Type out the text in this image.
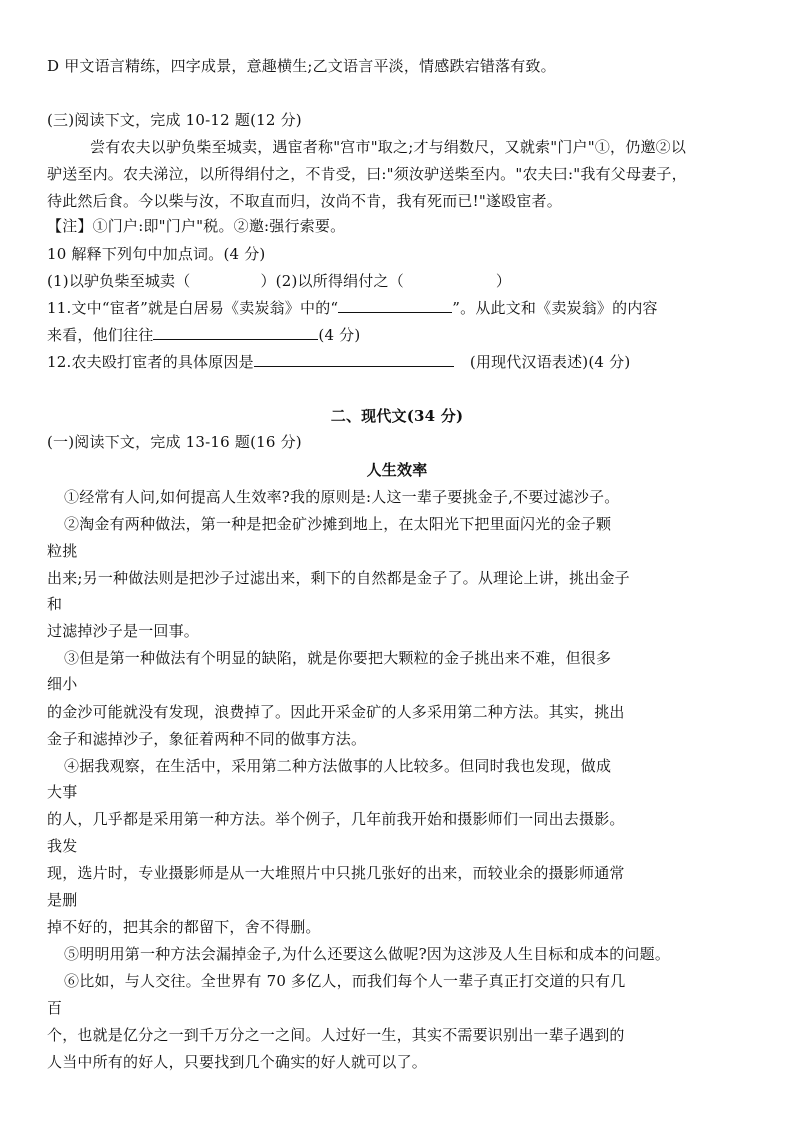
D 甲文语言精练，四字成景，意趣横生;乙文语言平淡，情感跌宕错落有致。
(三)阅读下文，完成 10-12 题(12 分)
尝有农夫以驴负柴至城卖，遇宦者称"宫市"取之;才与绢数尺，又就索"门户"①，仍邀②以
驴送至内。农夫涕泣，以所得绢付之，不肯受，曰:"须汝驴送柴至内。"农夫曰:"我有父母妻子，
待此然后食。今以柴与汝，不取直而归，汝尚不肯，我有死而已!"遂殴宦者。
【注】①门户:即"门户"税。②邀:强行索要。
10 解释下列句中加点词。(4 分)
(1)以驴负柴至城卖（	）(2)以所得绢付之（	）
11.文中“宦者”就是白居易《卖炭翁》中的“	”。从此文和《卖炭翁》的内容
来看，他们往往	(4 分)
12.农夫殴打宦者的具体原因是	(用现代汉语表述)(4 分)
二、现代文(34 分)
(一)阅读下文，完成 13-16 题(16 分)
人生效率
①经常有人问,如何提高人生效率?我的原则是:人这一辈子要挑金子,不要过滤沙子。
②淘金有两种做法，第一种是把金矿沙摊到地上，在太阳光下把里面闪光的金子颗
粒挑
出来;另一种做法则是把沙子过滤出来，剩下的自然都是金子了。从理论上讲，挑出金子
和
过滤掉沙子是一回事。
③但是第一种做法有个明显的缺陷，就是你要把大颗粒的金子挑出来不难，但很多
细小
的金沙可能就没有发现，浪费掉了。因此开采金矿的人多采用第二种方法。其实，挑出
金子和滤掉沙子，象征着两种不同的做事方法。
④据我观察，在生活中，采用第二种方法做事的人比较多。但同时我也发现，做成
大事
的人，几乎都是采用第一种方法。举个例子，几年前我开始和摄影师们一同出去摄影。
我发
现，选片时，专业摄影师是从一大堆照片中只挑几张好的出来，而较业余的摄影师通常
是删
掉不好的，把其余的都留下，舍不得删。
⑤明明用第一种方法会漏掉金子,为什么还要这么做呢?因为这涉及人生目标和成本的问题。
⑥比如，与人交往。全世界有 70 多亿人，而我们每个人一辈子真正打交道的只有几
百
个，也就是亿分之一到千万分之一之间。人过好一生，其实不需要识别出一辈子遇到的
人当中所有的好人，只要找到几个确实的好人就可以了。
